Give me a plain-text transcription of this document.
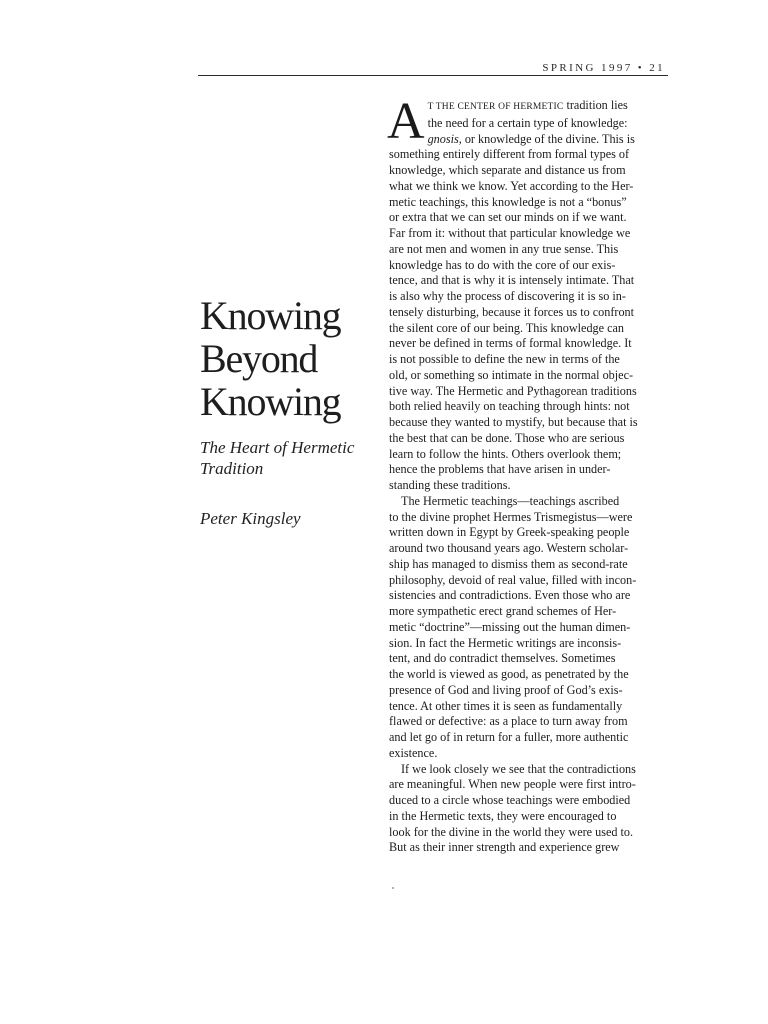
SPRING 1997 • 21
Knowing
Beyond
Knowing
The Heart of Hermetic
Tradition
Peter Kingsley
A T THE CENTER OF HERMETIC tradition lies
the need for a certain type of knowledge:
gnosis, or knowledge of the divine. This is
something entirely different from formal types of
knowledge, which separate and distance us from
what we think we know. Yet according to the Her-
metic teachings, this knowledge is not a “bonus”
or extra that we can set our minds on if we want.
Far from it: without that particular knowledge we
are not men and women in any true sense. This
knowledge has to do with the core of our exis-
tence, and that is why it is intensely intimate. That
is also why the process of discovering it is so in-
tensely disturbing, because it forces us to confront
the silent core of our being. This knowledge can
never be defined in terms of formal knowledge. It
is not possible to define the new in terms of the
old, or something so intimate in the normal objec-
tive way. The Hermetic and Pythagorean traditions
both relied heavily on teaching through hints: not
because they wanted to mystify, but because that is
the best that can be done. Those who are serious
learn to follow the hints. Others overlook them;
hence the problems that have arisen in under-
standing these traditions.
The Hermetic teachings—teachings ascribed
to the divine prophet Hermes Trismegistus—were
written down in Egypt by Greek-speaking people
around two thousand years ago. Western scholar-
ship has managed to dismiss them as second-rate
philosophy, devoid of real value, filled with incon-
sistencies and contradictions. Even those who are
more sympathetic erect grand schemes of Her-
metic “doctrine”—missing out the human dimen-
sion. In fact the Hermetic writings are inconsis-
tent, and do contradict themselves. Sometimes
the world is viewed as good, as penetrated by the
presence of God and living proof of God’s exis-
tence. At other times it is seen as fundamentally
flawed or defective: as a place to turn away from
and let go of in return for a fuller, more authentic
existence.
If we look closely we see that the contradictions
are meaningful. When new people were first intro-
duced to a circle whose teachings were embodied
in the Hermetic texts, they were encouraged to
look for the divine in the world they were used to.
But as their inner strength and experience grew
